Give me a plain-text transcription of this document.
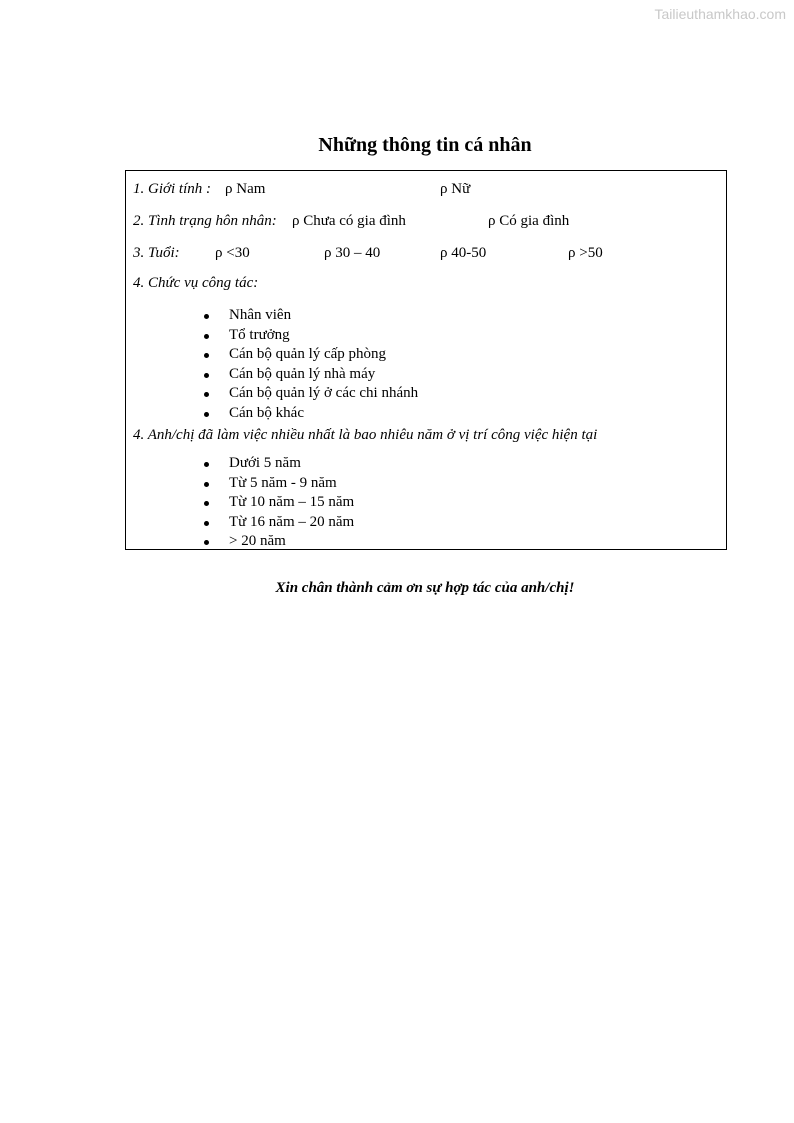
Tailieuthamkhao.com
Những thông tin cá nhân
1. Giới tính : ρ Nam	ρ Nữ
2. Tình trạng hôn nhân: ρ Chưa có gia đình	ρ Có gia đình
3. Tuổi: ρ <30	ρ 30 – 40	ρ 40-50	ρ >50
4. Chức vụ công tác:
Nhân viên
Tổ trưởng
Cán bộ quản lý cấp phòng
Cán bộ quản lý nhà máy
Cán bộ quản lý ở các chi nhánh
Cán bộ khác
4. Anh/chị đã làm việc nhiều nhất là bao nhiêu năm ở vị trí công việc hiện tại
Dưới 5 năm
Từ 5 năm - 9 năm
Từ 10 năm – 15 năm
Từ 16 năm – 20 năm
> 20 năm
Xin chân thành cảm ơn sự hợp tác của anh/chị!
